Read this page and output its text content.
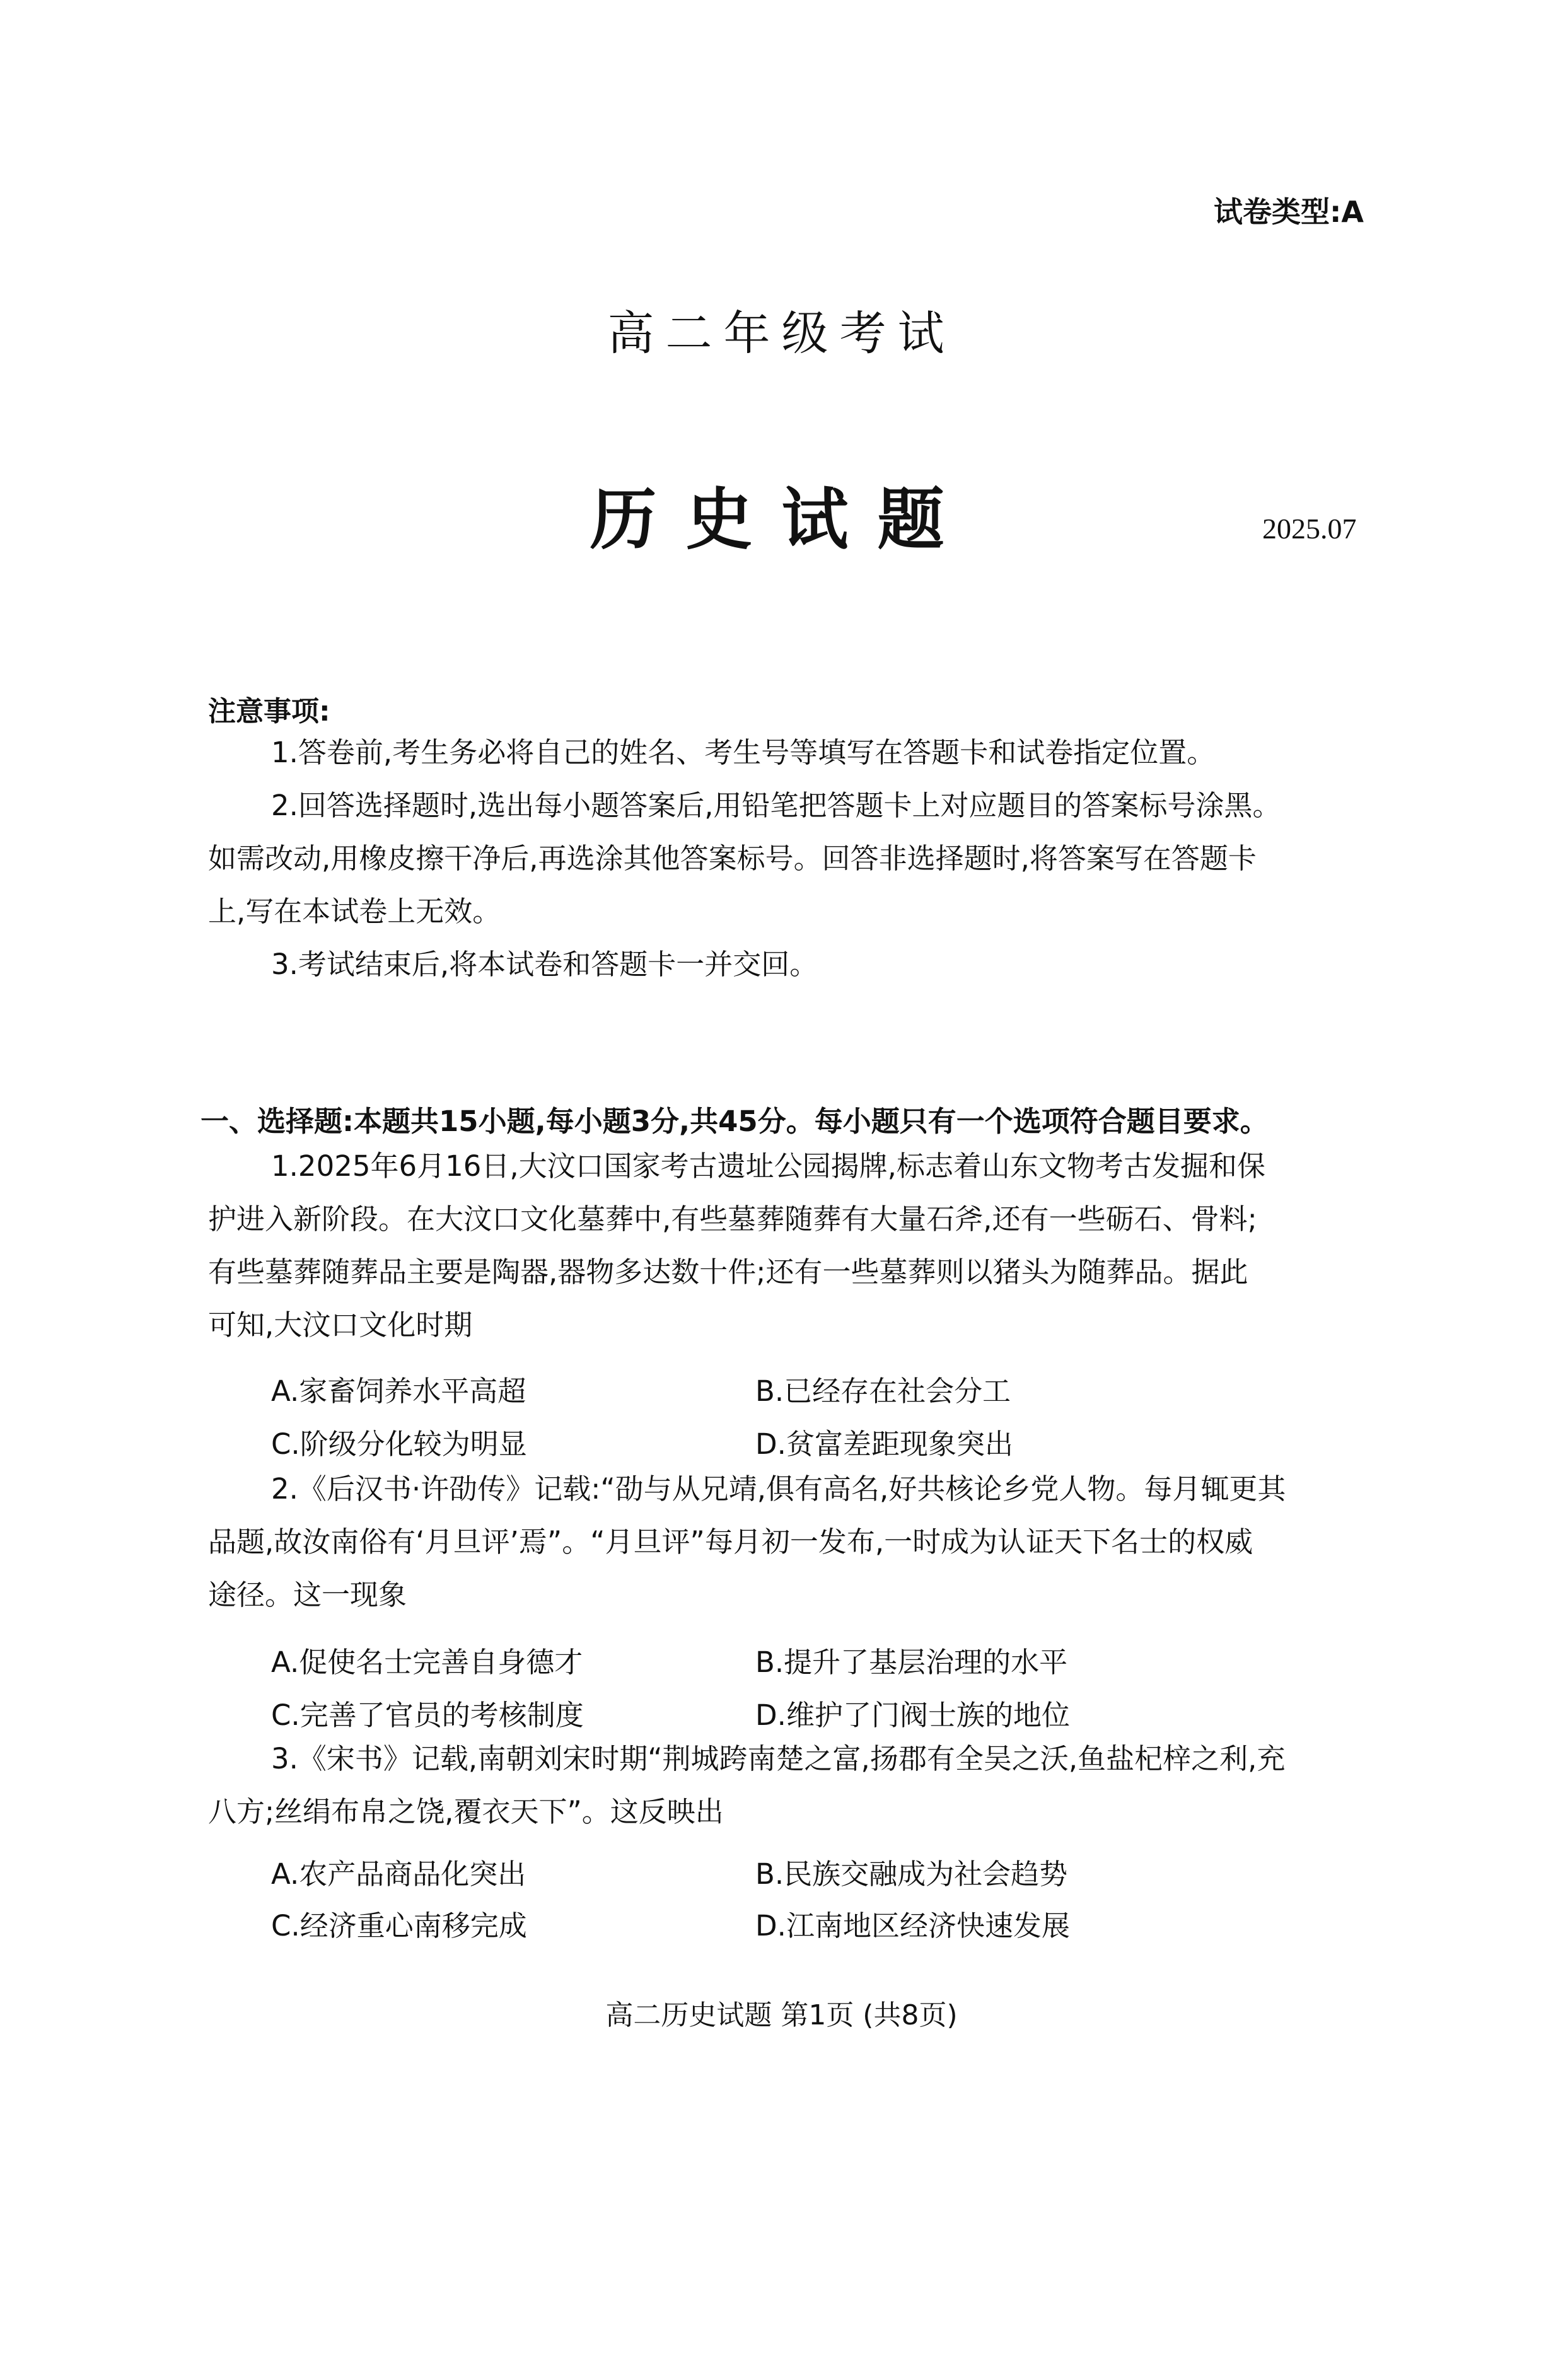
试卷类型:A
高二年级考试
历史试题	2025.07
注意事项:
1.答卷前,考生务必将自己的姓名、考生号等填写在答题卡和试卷指定位置。
2.回答选择题时,选出每小题答案后,用铅笔把答题卡上对应题目的答案标号涂黑。
如需改动,用橡皮擦干净后,再选涂其他答案标号。回答非选择题时,将答案写在答题卡
上,写在本试卷上无效。
3.考试结束后,将本试卷和答题卡一并交回。
一、选择题:本题共15小题,每小题3分,共45分。每小题只有一个选项符合题目要求。
1.2025年6月16日,大汶口国家考古遗址公园揭牌,标志着山东文物考古发掘和保
护进入新阶段。在大汶口文化墓葬中,有些墓葬随葬有大量石斧,还有一些砺石、骨料;
有些墓葬随葬品主要是陶器,器物多达数十件;还有一些墓葬则以猪头为随葬品。据此
可知,大汶口文化时期
A.家畜饲养水平高超	B.已经存在社会分工
C.阶级分化较为明显	D.贫富差距现象突出
2.《后汉书·许劭传》记载:“劭与从兄靖,俱有高名,好共核论乡党人物。每月辄更其
品题,故汝南俗有‘月旦评’焉”。“月旦评”每月初一发布,一时成为认证天下名士的权威
途径。这一现象
A.促使名士完善自身德才	B.提升了基层治理的水平
C.完善了官员的考核制度	D.维护了门阀士族的地位
3.《宋书》记载,南朝刘宋时期“荆城跨南楚之富,扬郡有全吴之沃,鱼盐杞梓之利,充
八方;丝绢布帛之饶,覆衣天下”。这反映出
A.农产品商品化突出	B.民族交融成为社会趋势
C.经济重心南移完成	D.江南地区经济快速发展
高二历史试题 第1页 (共8页)
